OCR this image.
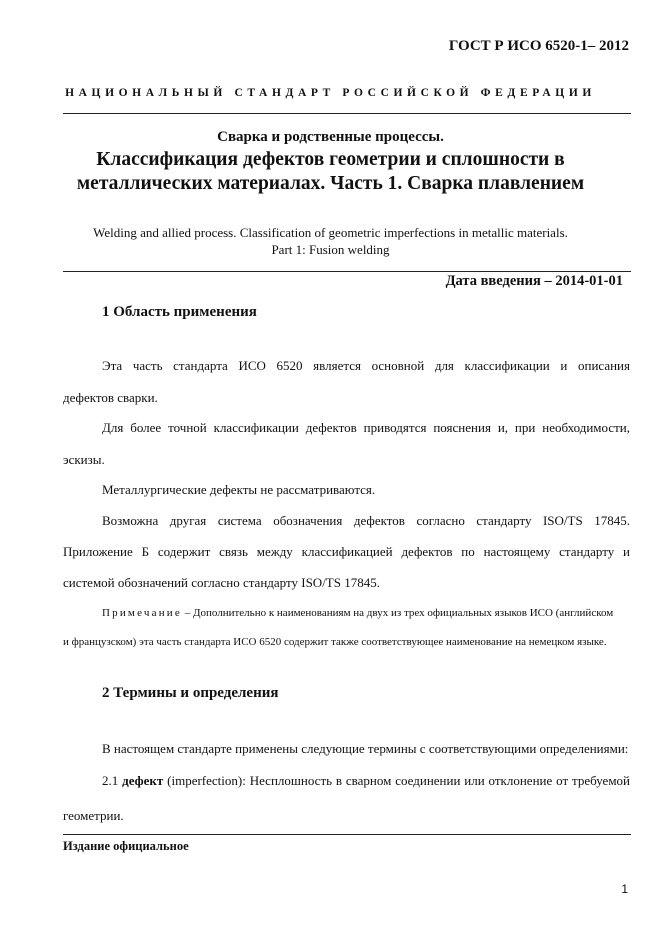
ГОСТ Р ИСО 6520-1– 2012
НАЦИОНАЛЬНЫЙ СТАНДАРТ РОССИЙСКОЙ ФЕДЕРАЦИИ
Сварка и родственные процессы.
Классификация дефектов геометрии и сплошности в
металлических материалах. Часть 1. Сварка плавлением
Welding and allied process. Classification of geometric imperfections in metallic materials.
Part 1: Fusion welding
Дата введения – 2014-01-01
1 Область применения
Эта часть стандарта ИСО 6520 является основной для классификации и описания
дефектов сварки.
Для более точной классификации дефектов приводятся пояснения и, при необходимости,
эскизы.
Металлургические дефекты не рассматриваются.
Возможна другая система обозначения дефектов согласно стандарту ISO/TS 17845.
Приложение Б содержит связь между классификацией дефектов по настоящему стандарту и
системой обозначений согласно стандарту ISO/TS 17845.
Примечание – Дополнительно к наименованиям на двух из трех официальных языков ИСО (английском
и французском) эта часть стандарта ИСО 6520 содержит также соответствующее наименование на немецком языке.
2 Термины и определения
В настоящем стандарте применены следующие термины с соответствующими определениями:
2.1 дефект (imperfection): Несплошность в сварном соединении или отклонение от требуемой
геометрии.
Издание официальное
1
